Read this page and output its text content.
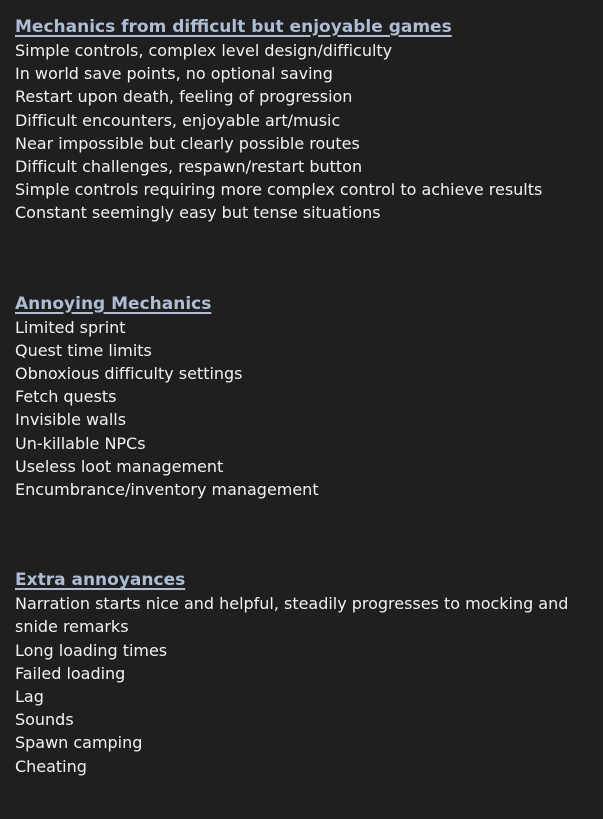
Mechanics from difficult but enjoyable games
Simple controls, complex level design/difficulty
In world save points, no optional saving
Restart upon death, feeling of progression
Difficult encounters, enjoyable art/music
Near impossible but clearly possible routes
Difficult challenges, respawn/restart button
Simple controls requiring more complex control to achieve results
Constant seemingly easy but tense situations
Annoying Mechanics
Limited sprint
Quest time limits
Obnoxious difficulty settings
Fetch quests
Invisible walls
Un-killable NPCs
Useless loot management
Encumbrance/inventory management
Extra annoyances
Narration starts nice and helpful, steadily progresses to mocking and snide remarks
Long loading times
Failed loading
Lag
Sounds
Spawn camping
Cheating
